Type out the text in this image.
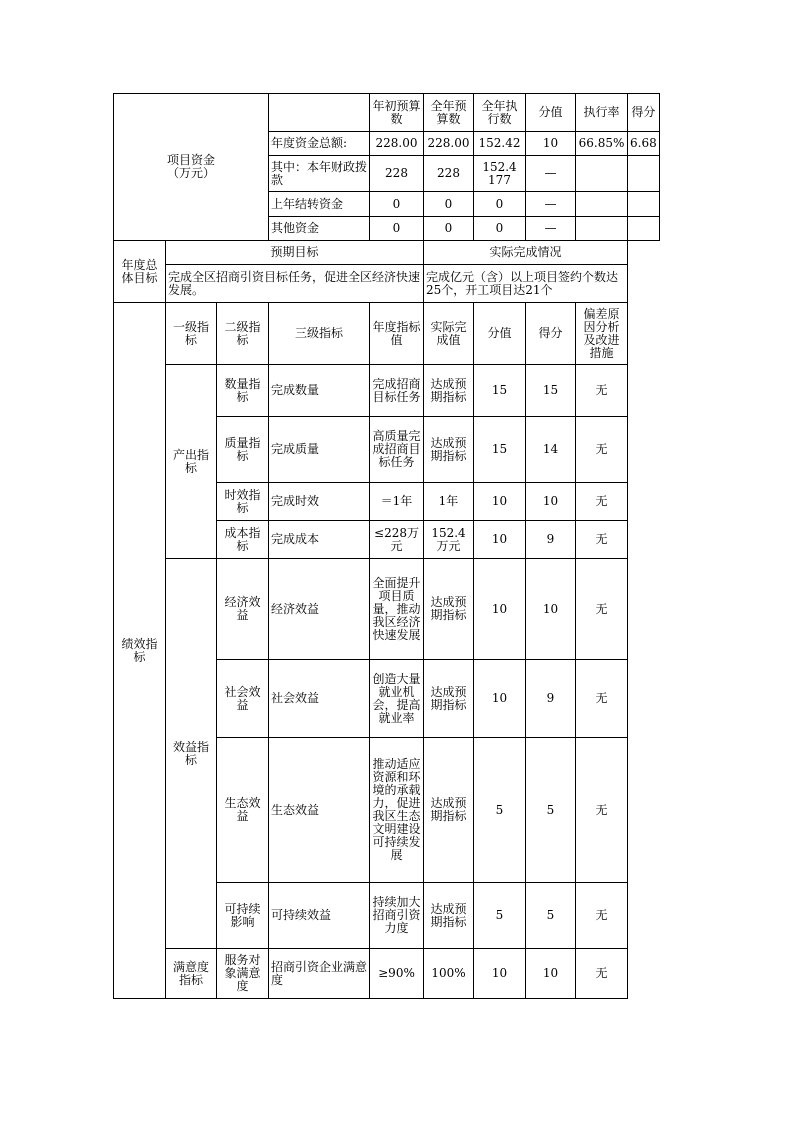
项目资金
（万元）				年初预算数	全年预算数	全年执行数	分值	执行率	得分
			年度资金总额:	228.00	228.00	152.42	10	66.85%	6.68
			其中：本年财政拨款	228	228	152.4177	—		
			上年结转资金	0	0	0	—		
			其他资金	0	0	0	—		
年度总体目标	预期目标				实际完成情况				
	完成全区招商引资目标任务，促进全区经济快速发展。				完成亿元（含）以上项目签约个数达25个，开工项目达21个				
绩效指标	一级指标	二级指标	三级指标	年度指标值	实际完成值	分值	得分	偏差原因分析及改进措施	
	产出指标	数量指标	完成数量	完成招商目标任务	达成预期指标	15	15	无	
		质量指标	完成质量	高质量完成招商目标任务	达成预期指标	15	14	无	
		时效指标	完成时效	＝1年	1年	10	10	无	
		成本指标	完成成本	≤228万元	152.4万元	10	9	无	
	效益指标	经济效益	经济效益	全面提升项目质量，推动我区经济快速发展	达成预期指标	10	10	无	
		社会效益	社会效益	创造大量就业机会，提高就业率	达成预期指标	10	9	无	
		生态效益	生态效益	推动适应资源和环境的承载力，促进我区生态文明建设可持续发展	达成预期指标	5	5	无	
		可持续影响	可持续效益	持续加大招商引资力度	达成预期指标	5	5	无	
	满意度指标	服务对象满意度	招商引资企业满意度	≥90%	100%	10	10	无	
